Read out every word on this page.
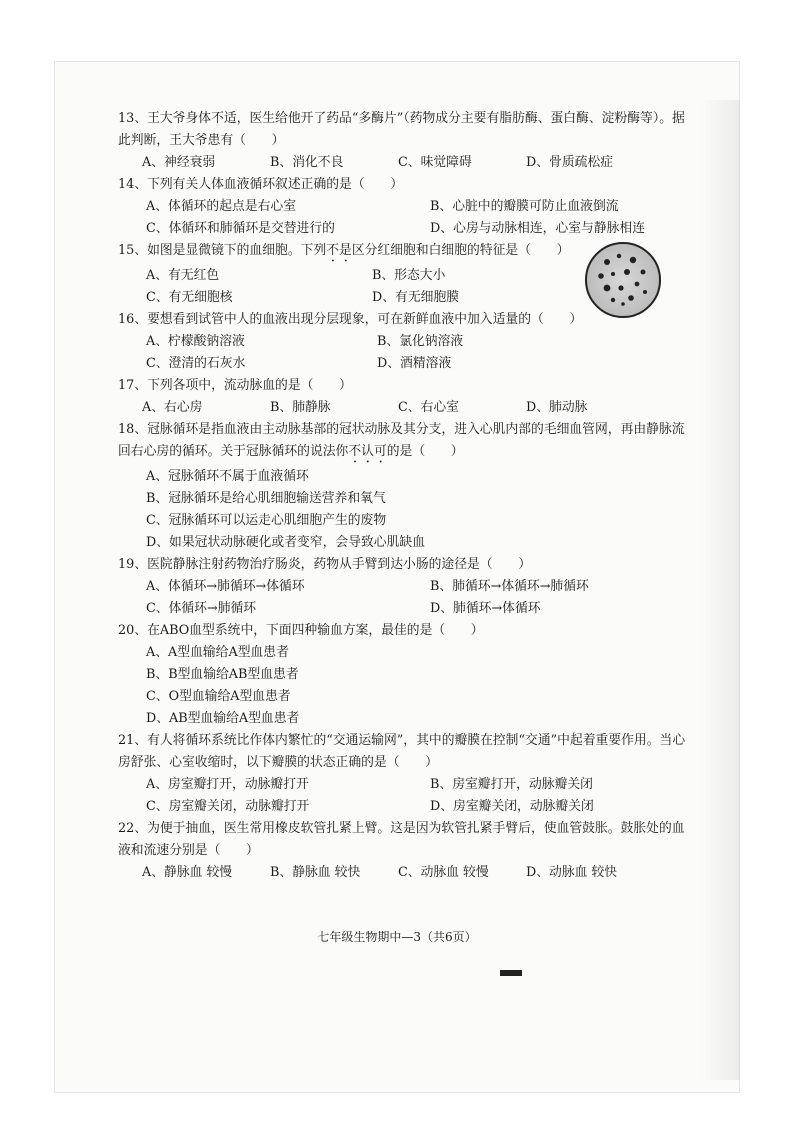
13、王大爷身体不适，医生给他开了药品“多酶片”（药物成分主要有脂肪酶、蛋白酶、淀粉酶等）。据此判断，王大爷患有（　　）
A、神经衰弱	B、消化不良	C、味觉障碍	D、骨质疏松症
14、下列有关人体血液循环叙述正确的是（　　）
A、体循环的起点是右心室	B、心脏中的瓣膜可防止血液倒流
C、体循环和肺循环是交替进行的	D、心房与动脉相连，心室与静脉相连
15、如图是显微镜下的血细胞。下列不是区分红细胞和白细胞的特征是（　　）
A、有无红色	B、形态大小
C、有无细胞核	D、有无细胞膜
16、要想看到试管中人的血液出现分层现象，可在新鲜血液中加入适量的（　　）
A、柠檬酸钠溶液	B、氯化钠溶液
C、澄清的石灰水	D、酒精溶液
17、下列各项中，流动脉血的是（　　）
A、右心房	B、肺静脉	C、右心室	D、肺动脉
18、冠脉循环是指血液由主动脉基部的冠状动脉及其分支，进入心肌内部的毛细血管网，再由静脉流回右心房的循环。关于冠脉循环的说法你不认可的是（　　）
A、冠脉循环不属于血液循环
B、冠脉循环是给心肌细胞输送营养和氧气
C、冠脉循环可以运走心肌细胞产生的废物
D、如果冠状动脉硬化或者变窄，会导致心肌缺血
19、医院静脉注射药物治疗肠炎，药物从手臂到达小肠的途径是（　　）
A、体循环→肺循环→体循环	B、肺循环→体循环→肺循环
C、体循环→肺循环	D、肺循环→体循环
20、在ABO血型系统中，下面四种输血方案，最佳的是（　　）
A、A型血输给A型血患者
B、B型血输给AB型血患者
C、O型血输给A型血患者
D、AB型血输给A型血患者
21、有人将循环系统比作体内繁忙的“交通运输网”，其中的瓣膜在控制“交通”中起着重要作用。当心房舒张、心室收缩时，以下瓣膜的状态正确的是（　　）
A、房室瓣打开，动脉瓣打开	B、房室瓣打开，动脉瓣关闭
C、房室瓣关闭，动脉瓣打开	D、房室瓣关闭，动脉瓣关闭
22、为便于抽血，医生常用橡皮软管扎紧上臂。这是因为软管扎紧手臂后，使血管鼓胀。鼓胀处的血液和流速分别是（　　）
A、静脉血 较慢	B、静脉血 较快	C、动脉血 较慢	D、动脉血 较快
七年级生物期中—3（共6页）
